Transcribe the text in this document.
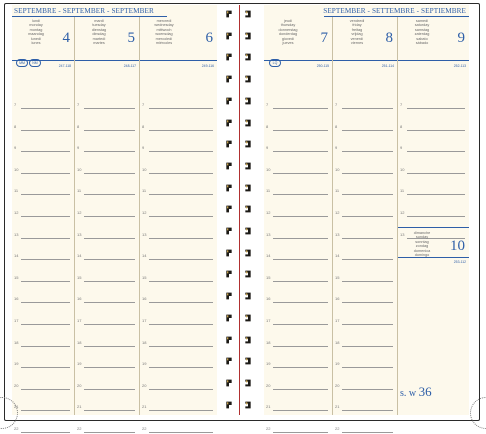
SEPTEMBRE - SEPTEMBER - SEPTEMBER
lundi
monday
montag
maandag
lunedì
lunes	4
247-118
7
8
9
10
11
12
13
14
15
16
17
18
19
20
21
22
mardi
tuesday
dienstag
dinsdag
martedì
martes	5
248-117
7
8
9
10
11
12
13
14
15
16
17
18
19
20
21
22
mercredi
wednesday
mittwoch
woensdag
mercoledì
miércoles	6
249-116
7
8
9
10
11
12
13
14
15
16
17
18
19
20
21
22
MM	NM
SEPTEMBER - SETTEMBRE - SEPTIEMBRE
jeudi
thursday
donnerstag
donderdag
giovedì
jueves	7
250-115
7
8
9
10
11
12
13
14
15
16
17
18
19
20
21
22
vendredi
friday
freitag
vrijdag
venerdì
viernes	8
251-114
7
8
9
10
11
12
13
14
15
16
17
18
19
20
21
22
samedi
saturday
samstag
zaterdag
sabato
sábado	9
252-113
7
8
9
10
11
12
13	dimanche
sunday
sonntag
zondag
domenica
domingo
10
253-112
s. w 36
LQ
